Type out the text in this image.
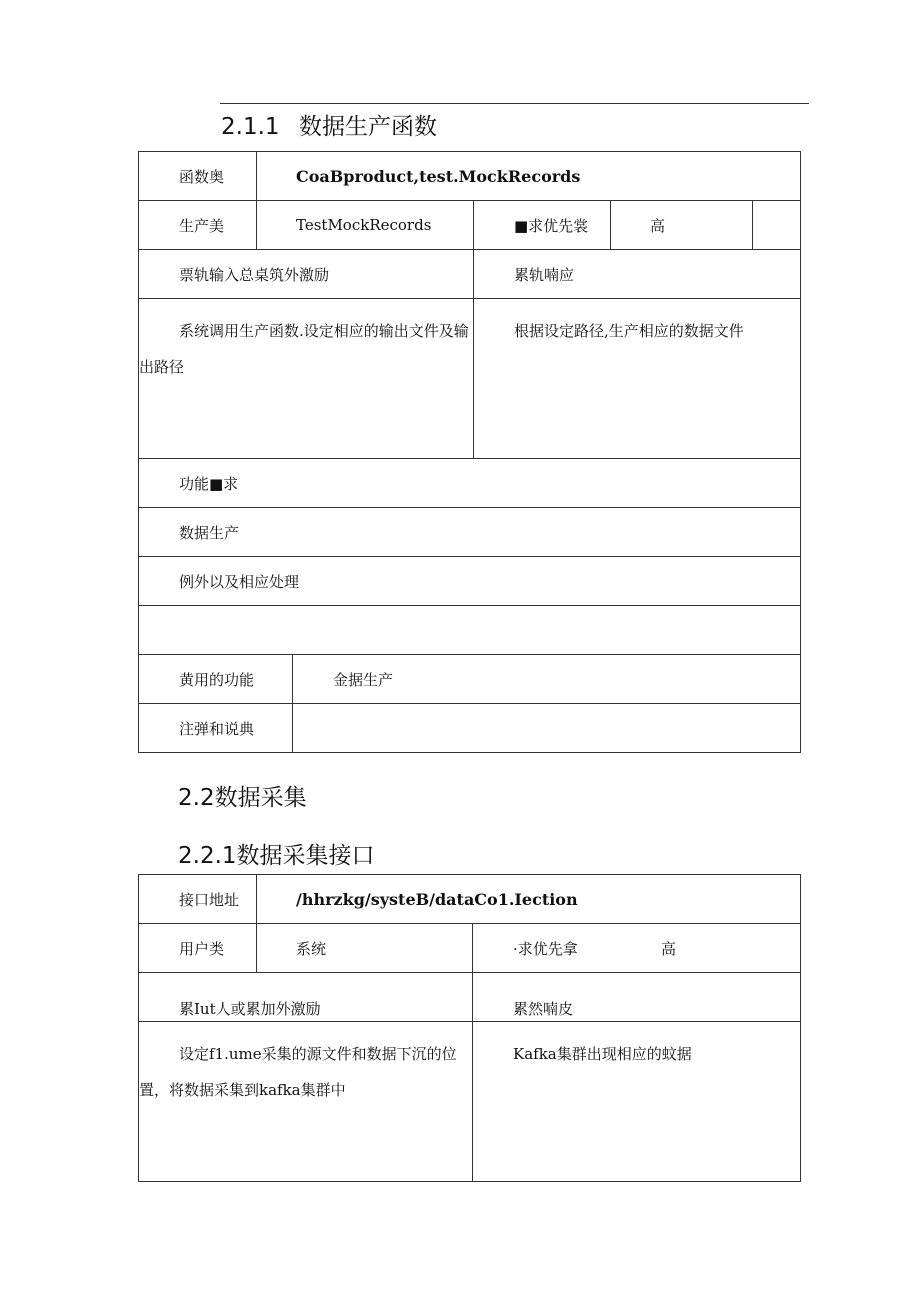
2.1.1 数据生产函数
函数奥	CoaBproduct,test.MockRecords				
生产美	TestMockRecords		■求优先裳	高	
票轨输入总桌筑外激励			累轨喃应		
系统调用生产函数.设定相应的输出文件及输出路径			根据设定路径,生产相应的数据文件		
功能■求					
数据生产					
例外以及相应处理					

黄用的功能		金据生产			
注弹和说典					
2.2数据采集
2.2.1数据采集接口
接口地址	/hhrzkg/systeB/dataCo1.Iection	
用户类	系统	·求优先拿 高
累Iut人或累加外激励		累然喃皮
设定f1.ume采集的源文件和数据下沉的位置，将数据采集到kafka集群中		Kafka集群出现相应的蚊据
